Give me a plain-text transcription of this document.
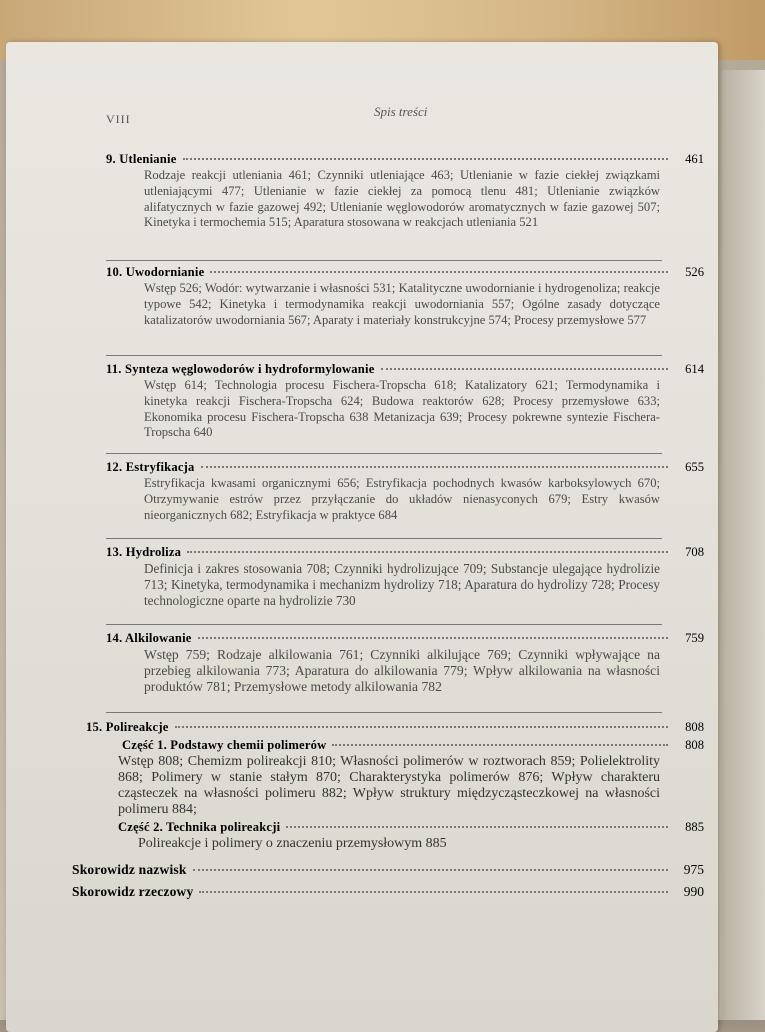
VIII	Spis treści
9. Utlenianie	461
Rodzaje reakcji utleniania 461; Czynniki utleniające 463; Utlenianie w fazie ciekłej związkami utleniającymi 477; Utlenianie w fazie ciekłej za pomocą tlenu 481; Utlenianie związków alifatycznych w fazie gazowej 492; Utlenianie węglowodorów aromatycznych w fazie gazowej 507; Kinetyka i termochemia 515; Aparatura stosowana w reakcjach utleniania 521
10. Uwodornianie	526
Wstęp 526; Wodór: wytwarzanie i własności 531; Katalityczne uwodornianie i hydrogenoliza; reakcje typowe 542; Kinetyka i termodynamika reakcji uwodorniania 557; Ogólne zasady dotyczące katalizatorów uwodorniania 567; Aparaty i materiały konstrukcyjne 574; Procesy przemysłowe 577
11. Synteza węglowodorów i hydroformylowanie	614
Wstęp 614; Technologia procesu Fischera-Tropscha 618; Katalizatory 621; Termodynamika i kinetyka reakcji Fischera-Tropscha 624; Budowa reaktorów 628; Procesy przemysłowe 633; Ekonomika procesu Fischera-Tropscha 638 Metanizacja 639; Procesy pokrewne syntezie Fischera-Tropscha 640
12. Estryfikacja	655
Estryfikacja kwasami organicznymi 656; Estryfikacja pochodnych kwasów karboksylowych 670; Otrzymywanie estrów przez przyłączanie do układów nienasyconych 679; Estry kwasów nieorganicznych 682; Estryfikacja w praktyce 684
13. Hydroliza	708
Definicja i zakres stosowania 708; Czynniki hydrolizujące 709; Substancje ulegające hydrolizie 713; Kinetyka, termodynamika i mechanizm hydrolizy 718; Aparatura do hydrolizy 728; Procesy technologiczne oparte na hydrolizie 730
14. Alkilowanie	759
Wstęp 759; Rodzaje alkilowania 761; Czynniki alkilujące 769; Czynniki wpływające na przebieg alkilowania 773; Aparatura do alkilowania 779; Wpływ alkilowania na własności produktów 781; Przemysłowe metody alkilowania 782
15. Polireakcje	808
Część 1. Podstawy chemii polimerów	808
Wstęp 808; Chemizm polireakcji 810; Własności polimerów w roztworach 859; Polielektrolity 868; Polimery w stanie stałym 870; Charakterystyka polimerów 876; Wpływ charakteru cząsteczek na własności polimeru 882; Wpływ struktury międzycząsteczkowej na własności polimeru 884;
Część 2. Technika polireakcji	885
Polireakcje i polimery o znaczeniu przemysłowym 885
Skorowidz nazwisk	975
Skorowidz rzeczowy	990
